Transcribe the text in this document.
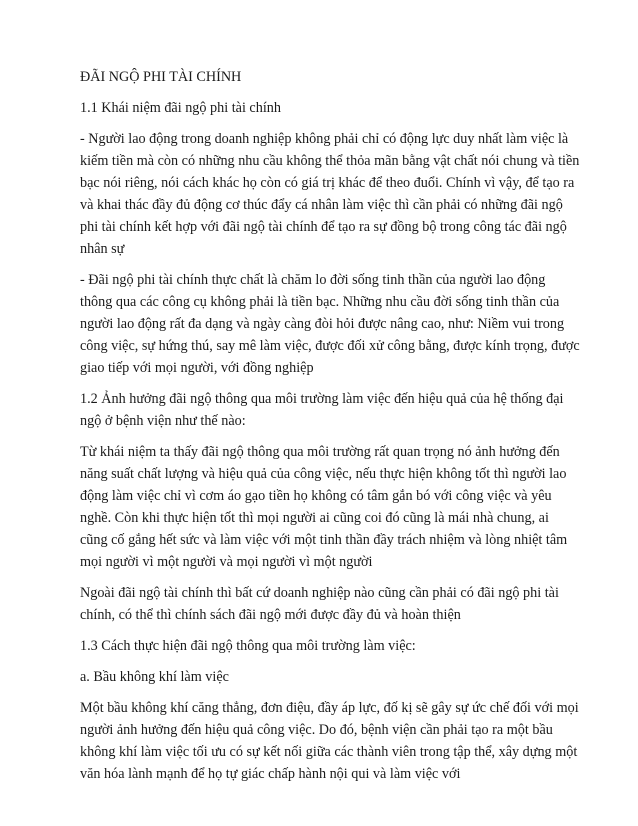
ĐÃI NGỘ PHI TÀI CHÍNH

1.1 Khái niệm đãi ngộ phi tài chính

- Người lao động trong doanh nghiệp không phải chỉ có động lực duy nhất làm việc là kiếm tiền mà còn có những nhu cầu không thể thỏa mãn bằng vật chất nói chung và tiền bạc nói riêng, nói cách khác họ còn có giá trị khác để theo đuổi. Chính vì vậy, để tạo ra và khai thác đầy đủ động cơ thúc đẩy cá nhân làm việc thì cần phải có những đãi ngộ phi tài chính kết hợp với đãi ngộ tài chính để tạo ra sự đồng bộ trong công tác đãi ngộ nhân sự

- Đãi ngộ phi tài chính thực chất là chăm lo đời sống tinh thần của người lao động thông qua các công cụ không phải là tiền bạc. Những nhu cầu đời sống tinh thần của người lao động rất đa dạng và ngày càng đòi hỏi được nâng cao, như: Niềm vui trong công việc, sự hứng thú, say mê làm việc, được đối xử công bằng, được kính trọng, được giao tiếp với mọi người, với đồng nghiệp

1.2 Ảnh hưởng đãi ngộ thông qua môi trường làm việc đến hiệu quả của hệ thống đại ngộ ở bệnh viện như thế nào:

Từ khái niệm ta thấy đãi ngộ thông qua môi trường rất quan trọng nó ảnh hưởng đến năng suất chất lượng và hiệu quả của công việc, nếu thực hiện không tốt thì người lao động làm việc chỉ vì cơm áo gạo tiền họ không có tâm gắn bó với công việc và yêu nghề. Còn khi thực hiện tốt thì mọi người ai cũng coi đó cũng là mái nhà chung, ai cũng cố gắng hết sức và làm việc với một tinh thần đầy trách nhiệm và lòng nhiệt tâm mọi người vì một người và mọi người vì một người

Ngoài đãi ngộ tài chính thì bất cứ doanh nghiệp nào cũng cần phải có đãi ngộ phi tài chính, có thể thì chính sách đãi ngộ mới được đầy đủ và hoàn thiện

1.3 Cách thực hiện đãi ngộ thông qua môi trường làm việc:

a. Bầu không khí làm việc

Một bầu không khí căng thẳng, đơn điệu, đầy áp lực, đố kị sẽ gây sự ức chế đối với mọi người ảnh hưởng đến hiệu quả công việc. Do đó, bệnh viện cần phải tạo ra một bầu không khí làm việc tối ưu có sự kết nối giữa các thành viên trong tập thể, xây dựng một văn hóa lành mạnh để họ tự giác chấp hành nội qui và làm việc với
